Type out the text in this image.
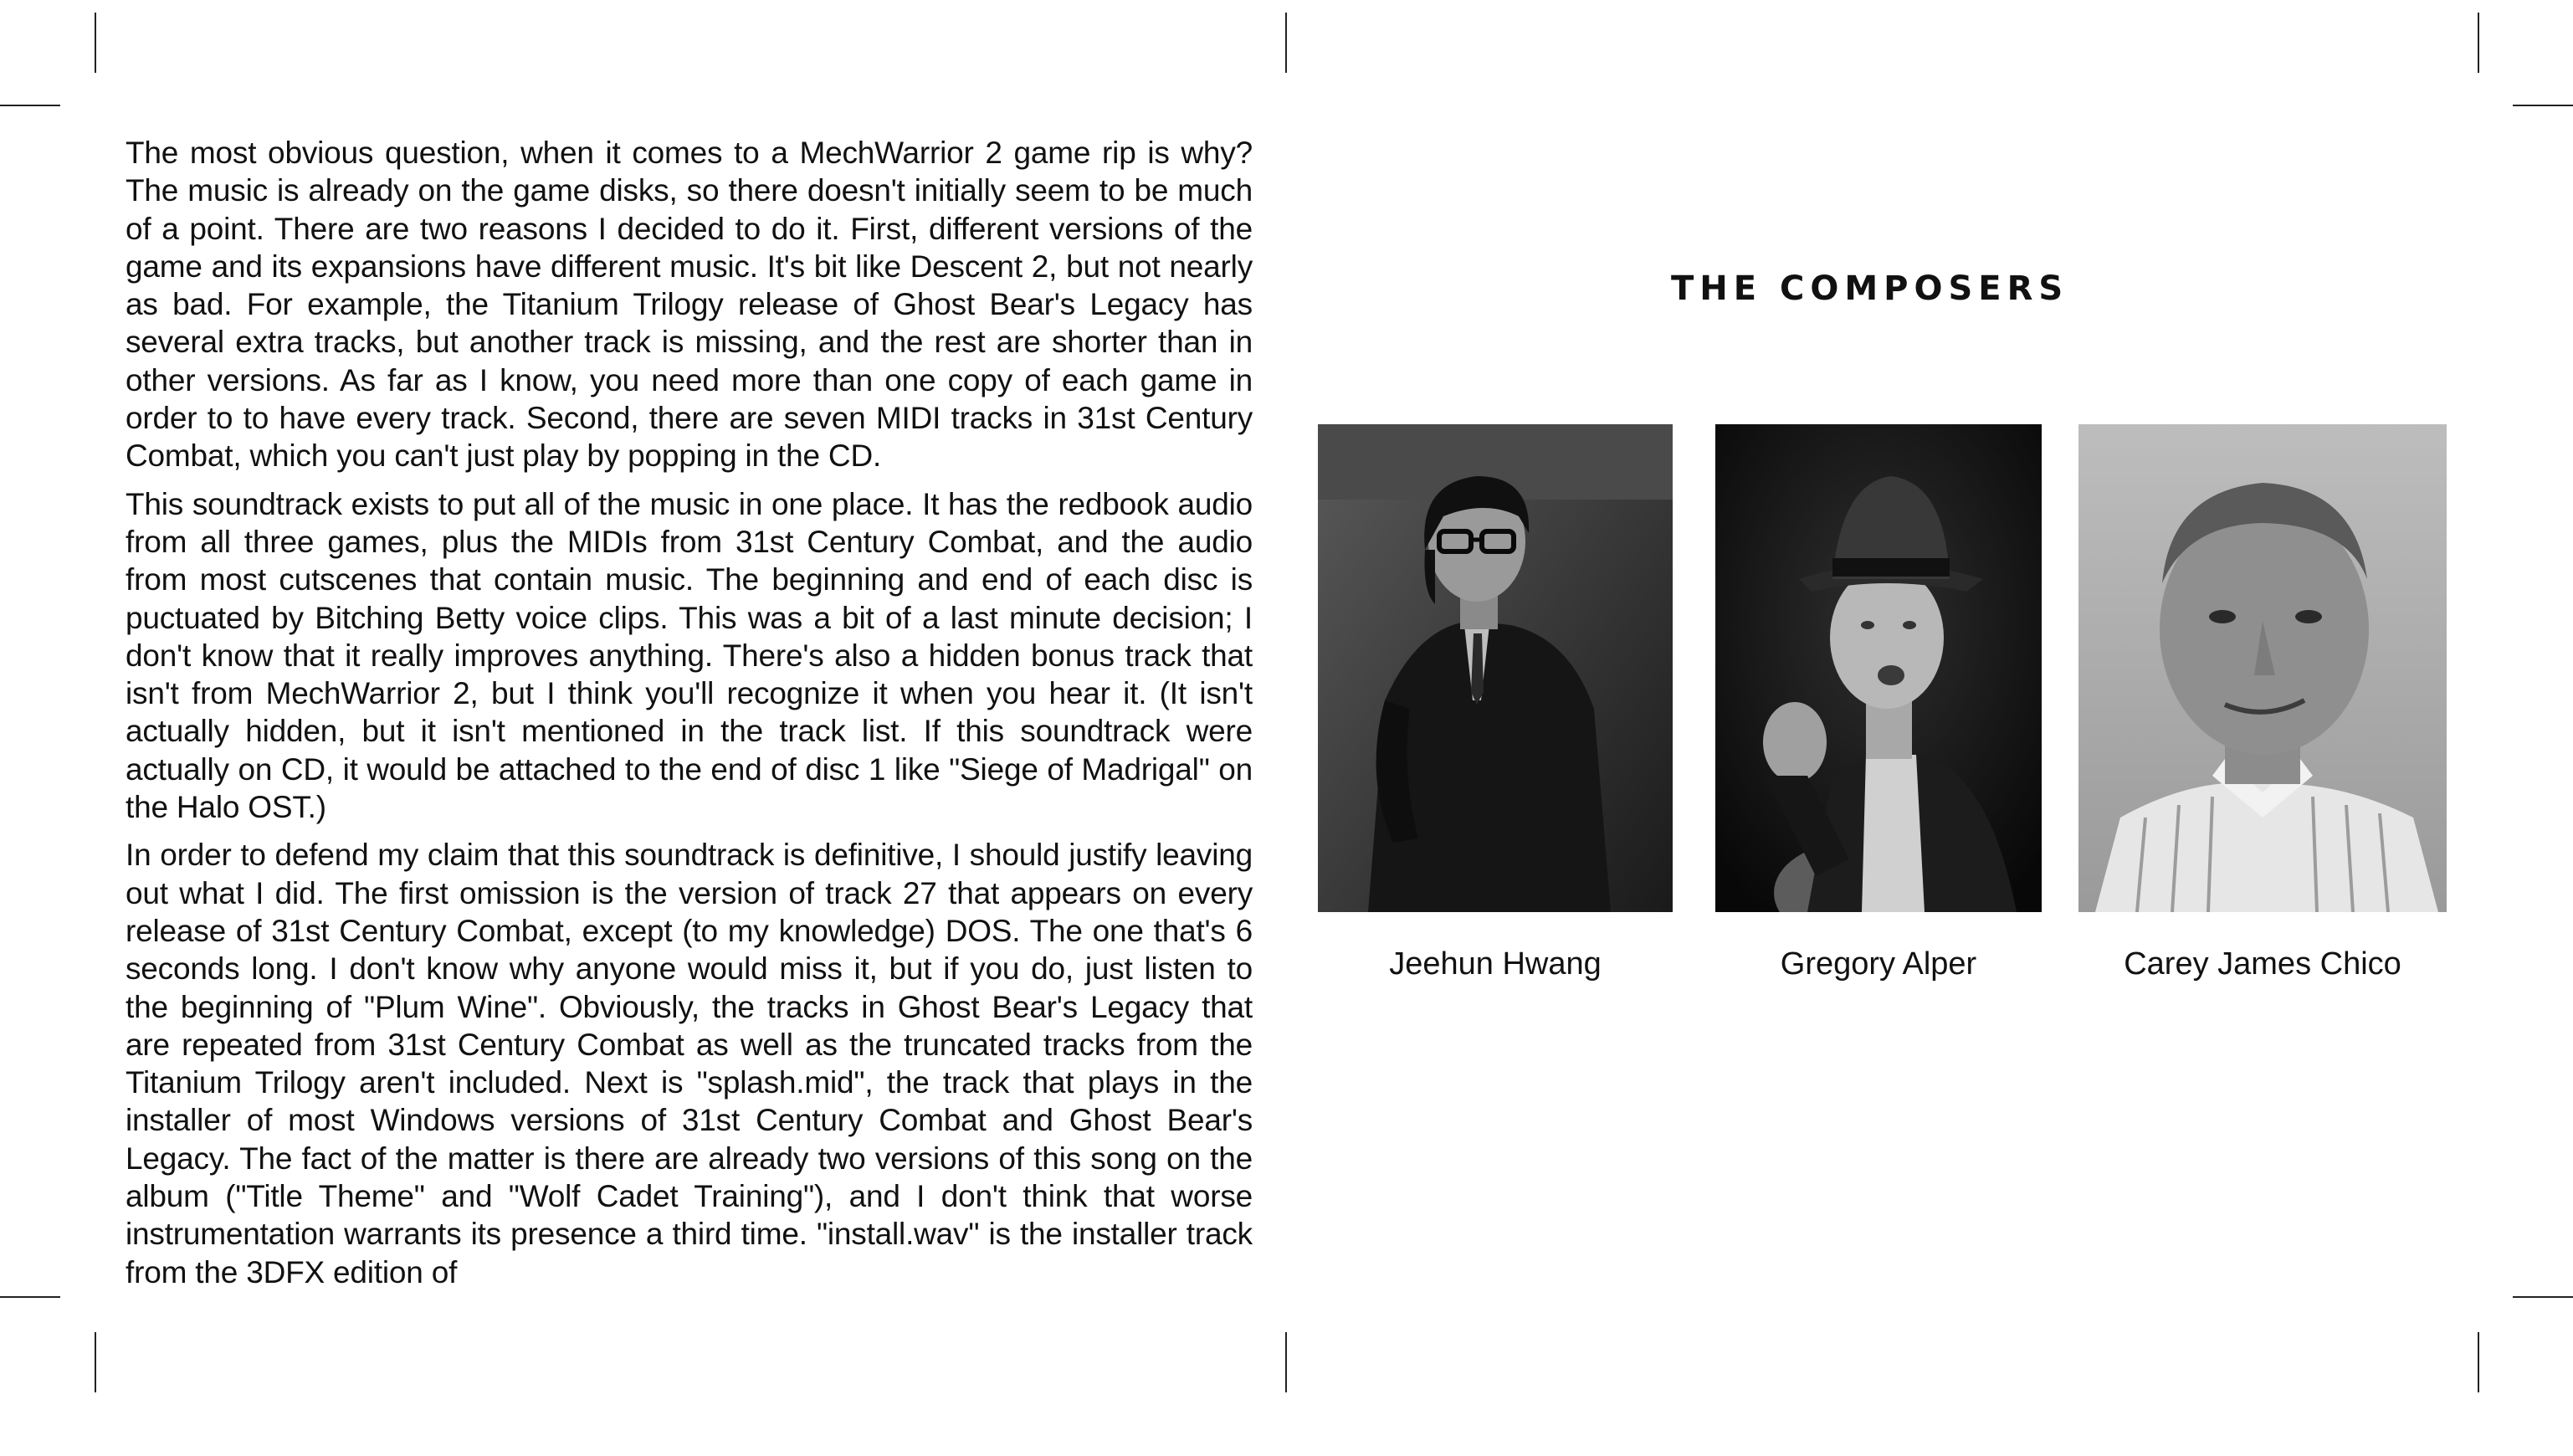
The most obvious question, when it comes to a MechWarrior 2 game rip is why? The music is already on the game disks, so there doesn't initially seem to be much of a point. There are two reasons I decided to do it. First, different versions of the game and its expansions have different music. It's bit like Descent 2, but not nearly as bad. For example, the Titanium Trilogy release of Ghost Bear's Legacy has several extra tracks, but another track is missing, and the rest are shorter than in other versions. As far as I know, you need more than one copy of each game in order to to have every track. Second, there are seven MIDI tracks in 31st Century Combat, which you can't just play by popping in the CD.

This soundtrack exists to put all of the music in one place. It has the redbook audio from all three games, plus the MIDIs from 31st Century Combat, and the audio from most cutscenes that contain music. The beginning and end of each disc is puctuated by Bitching Betty voice clips. This was a bit of a last minute decision; I don't know that it really improves anything. There's also a hidden bonus track that isn't from MechWarrior 2, but I think you'll recognize it when you hear it. (It isn't actually hidden, but it isn't mentioned in the track list. If this soundtrack were actually on CD, it would be attached to the end of disc 1 like "Siege of Madrigal" on the Halo OST.)

In order to defend my claim that this soundtrack is definitive, I should justify leaving out what I did. The first omission is the version of track 27 that appears on every release of 31st Century Combat, except (to my knowledge) DOS. The one that's 6 seconds long. I don't know why anyone would miss it, but if you do, just listen to the beginning of "Plum Wine". Obviously, the tracks in Ghost Bear's Legacy that are repeated from 31st Century Combat as well as the truncated tracks from the Titanium Trilogy aren't included. Next is "splash.mid", the track that plays in the installer of most Windows versions of 31st Century Combat and Ghost Bear's Legacy. The fact of the matter is there are already two versions of this song on the album ("Title Theme" and "Wolf Cadet Training"), and I don't think that worse instrumentation warrants its presence a third time. "install.wav" is the installer track from the 3DFX edition of

THE COMPOSERS
Jeehun Hwang	Gregory Alper	Carey James Chico
